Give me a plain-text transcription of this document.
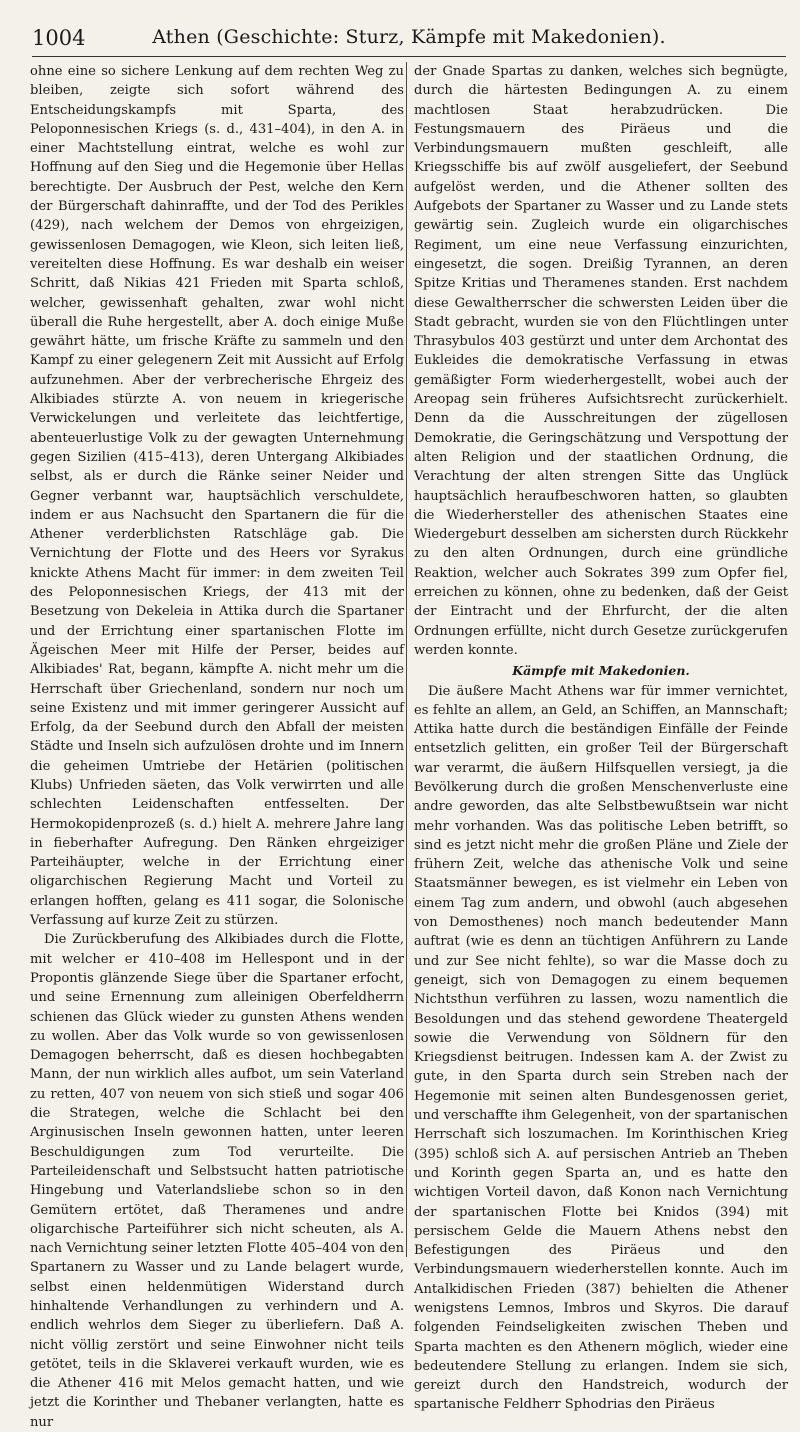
1004	Athen (Geschichte: Sturz, Kämpfe mit Makedonien).

ohne eine so sichere Lenkung auf dem rechten Weg zu bleiben, zeigte sich sofort während des Entscheidungskampfs mit Sparta, des Peloponnesischen Kriegs (s. d., 431–404), in den A. in einer Machtstellung eintrat, welche es wohl zur Hoffnung auf den Sieg und die Hegemonie über Hellas berechtigte. Der Ausbruch der Pest, welche den Kern der Bürgerschaft dahinraffte, und der Tod des Perikles (429), nach welchem der Demos von ehrgeizigen, gewissenlosen Demagogen, wie Kleon, sich leiten ließ, vereitelten diese Hoffnung. Es war deshalb ein weiser Schritt, daß Nikias 421 Frieden mit Sparta schloß, welcher, gewissenhaft gehalten, zwar wohl nicht überall die Ruhe hergestellt, aber A. doch einige Muße gewährt hätte, um frische Kräfte zu sammeln und den Kampf zu einer gelegenern Zeit mit Aussicht auf Erfolg aufzunehmen. Aber der verbrecherische Ehrgeiz des Alkibiades stürzte A. von neuem in kriegerische Verwickelungen und verleitete das leichtfertige, abenteuerlustige Volk zu der gewagten Unternehmung gegen Sizilien (415–413), deren Untergang Alkibiades selbst, als er durch die Ränke seiner Neider und Gegner verbannt war, hauptsächlich verschuldete, indem er aus Nachsucht den Spartanern die für die Athener verderblichsten Ratschläge gab. Die Vernichtung der Flotte und des Heers vor Syrakus knickte Athens Macht für immer: in dem zweiten Teil des Peloponnesischen Kriegs, der 413 mit der Besetzung von Dekeleia in Attika durch die Spartaner und der Errichtung einer spartanischen Flotte im Ägeischen Meer mit Hilfe der Perser, beides auf Alkibiades' Rat, begann, kämpfte A. nicht mehr um die Herrschaft über Griechenland, sondern nur noch um seine Existenz und mit immer geringerer Aussicht auf Erfolg, da der Seebund durch den Abfall der meisten Städte und Inseln sich aufzulösen drohte und im Innern die geheimen Umtriebe der Hetärien (politischen Klubs) Unfrieden säeten, das Volk verwirrten und alle schlechten Leidenschaften entfesselten. Der Hermokopidenprozeß (s. d.) hielt A. mehrere Jahre lang in fieberhafter Aufregung. Den Ränken ehrgeiziger Parteihäupter, welche in der Errichtung einer oligarchischen Regierung Macht und Vorteil zu erlangen hofften, gelang es 411 sogar, die Solonische Verfassung auf kurze Zeit zu stürzen.

Die Zurückberufung des Alkibiades durch die Flotte, mit welcher er 410–408 im Hellespont und in der Propontis glänzende Siege über die Spartaner erfocht, und seine Ernennung zum alleinigen Oberfeldherrn schienen das Glück wieder zu gunsten Athens wenden zu wollen. Aber das Volk wurde so von gewissenlosen Demagogen beherrscht, daß es diesen hochbegabten Mann, der nun wirklich alles aufbot, um sein Vaterland zu retten, 407 von neuem von sich stieß und sogar 406 die Strategen, welche die Schlacht bei den Arginusischen Inseln gewonnen hatten, unter leeren Beschuldigungen zum Tod verurteilte. Die Parteileidenschaft und Selbstsucht hatten patriotische Hingebung und Vaterlandsliebe schon so in den Gemütern ertötet, daß Theramenes und andre oligarchische Parteiführer sich nicht scheuten, als A. nach Vernichtung seiner letzten Flotte 405–404 von den Spartanern zu Wasser und zu Lande belagert wurde, selbst einen heldenmütigen Widerstand durch hinhaltende Verhandlungen zu verhindern und A. endlich wehrlos dem Sieger zu überliefern. Daß A. nicht völlig zerstört und seine Einwohner nicht teils getötet, teils in die Sklaverei verkauft wurden, wie es die Athener 416 mit Melos gemacht hatten, und wie jetzt die Korinther und Thebaner verlangten, hatte es nur

der Gnade Spartas zu danken, welches sich begnügte, durch die härtesten Bedingungen A. zu einem machtlosen Staat herabzudrücken. Die Festungsmauern des Piräeus und die Verbindungsmauern mußten geschleift, alle Kriegsschiffe bis auf zwölf ausgeliefert, der Seebund aufgelöst werden, und die Athener sollten des Aufgebots der Spartaner zu Wasser und zu Lande stets gewärtig sein. Zugleich wurde ein oligarchisches Regiment, um eine neue Verfassung einzurichten, eingesetzt, die sogen. Dreißig Tyrannen, an deren Spitze Kritias und Theramenes standen. Erst nachdem diese Gewaltherrscher die schwersten Leiden über die Stadt gebracht, wurden sie von den Flüchtlingen unter Thrasybulos 403 gestürzt und unter dem Archontat des Eukleides die demokratische Verfassung in etwas gemäßigter Form wiederhergestellt, wobei auch der Areopag sein früheres Aufsichtsrecht zurückerhielt. Denn da die Ausschreitungen der zügellosen Demokratie, die Geringschätzung und Verspottung der alten Religion und der staatlichen Ordnung, die Verachtung der alten strengen Sitte das Unglück hauptsächlich heraufbeschworen hatten, so glaubten die Wiederhersteller des athenischen Staates eine Wiedergeburt desselben am sichersten durch Rückkehr zu den alten Ordnungen, durch eine gründliche Reaktion, welcher auch Sokrates 399 zum Opfer fiel, erreichen zu können, ohne zu bedenken, daß der Geist der Eintracht und der Ehrfurcht, der die alten Ordnungen erfüllte, nicht durch Gesetze zurückgerufen werden konnte.

Kämpfe mit Makedonien.

Die äußere Macht Athens war für immer vernichtet, es fehlte an allem, an Geld, an Schiffen, an Mannschaft; Attika hatte durch die beständigen Einfälle der Feinde entsetzlich gelitten, ein großer Teil der Bürgerschaft war verarmt, die äußern Hilfsquellen versiegt, ja die Bevölkerung durch die großen Menschenverluste eine andre geworden, das alte Selbstbewußtsein war nicht mehr vorhanden. Was das politische Leben betrifft, so sind es jetzt nicht mehr die großen Pläne und Ziele der frühern Zeit, welche das athenische Volk und seine Staatsmänner bewegen, es ist vielmehr ein Leben von einem Tag zum andern, und obwohl (auch abgesehen von Demosthenes) noch manch bedeutender Mann auftrat (wie es denn an tüchtigen Anführern zu Lande und zur See nicht fehlte), so war die Masse doch zu geneigt, sich von Demagogen zu einem bequemen Nichtsthun verführen zu lassen, wozu namentlich die Besoldungen und das stehend gewordene Theatergeld sowie die Verwendung von Söldnern für den Kriegsdienst beitrugen. Indessen kam A. der Zwist zu gute, in den Sparta durch sein Streben nach der Hegemonie mit seinen alten Bundesgenossen geriet, und verschaffte ihm Gelegenheit, von der spartanischen Herrschaft sich loszumachen. Im Korinthischen Krieg (395) schloß sich A. auf persischen Antrieb an Theben und Korinth gegen Sparta an, und es hatte den wichtigen Vorteil davon, daß Konon nach Vernichtung der spartanischen Flotte bei Knidos (394) mit persischem Gelde die Mauern Athens nebst den Befestigungen des Piräeus und den Verbindungsmauern wiederherstellen konnte. Auch im Antalkidischen Frieden (387) behielten die Athener wenigstens Lemnos, Imbros und Skyros. Die darauf folgenden Feindseligkeiten zwischen Theben und Sparta machten es den Athenern möglich, wieder eine bedeutendere Stellung zu erlangen. Indem sie sich, gereizt durch den Handstreich, wodurch der spartanische Feldherr Sphodrias den Piräeus
